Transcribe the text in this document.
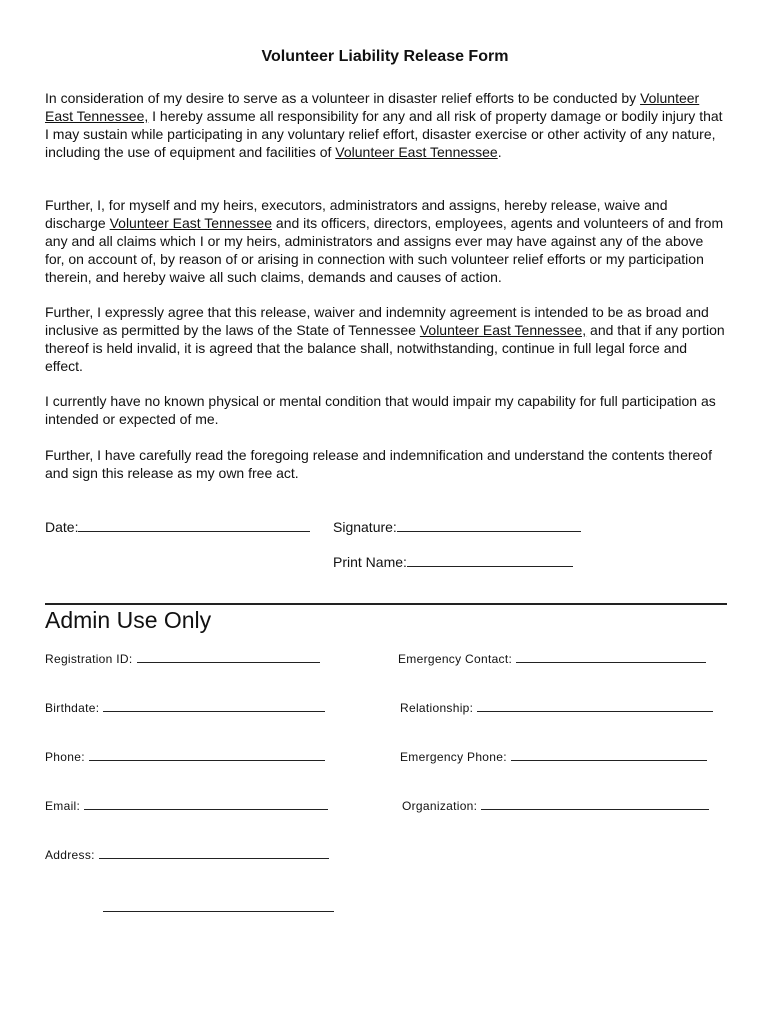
Volunteer Liability Release Form

In consideration of my desire to serve as a volunteer in disaster relief efforts to be conducted by Volunteer East Tennessee, I hereby assume all responsibility for any and all risk of property damage or bodily injury that I may sustain while participating in any voluntary relief effort, disaster exercise or other activity of any nature, including the use of equipment and facilities of Volunteer East Tennessee.

Further, I, for myself and my heirs, executors, administrators and assigns, hereby release, waive and discharge Volunteer East Tennessee and its officers, directors, employees, agents and volunteers of and from any and all claims which I or my heirs, administrators and assigns ever may have against any of the above for, on account of, by reason of or arising in connection with such volunteer relief efforts or my participation therein, and hereby waive all such claims, demands and causes of action.

Further, I expressly agree that this release, waiver and indemnity agreement is intended to be as broad and inclusive as permitted by the laws of the State of Tennessee Volunteer East Tennessee, and that if any portion thereof is held invalid, it is agreed that the balance shall, notwithstanding, continue in full legal force and effect.

I currently have no known physical or mental condition that would impair my capability for full participation as intended or expected of me.

Further, I have carefully read the foregoing release and indemnification and understand the contents thereof and sign this release as my own free act.

Date:	Signature:
Print Name:
Admin Use Only
Registration ID:	Emergency Contact:
Birthdate:	Relationship:
Phone:	Emergency Phone:
Email:	Organization:
Address:
